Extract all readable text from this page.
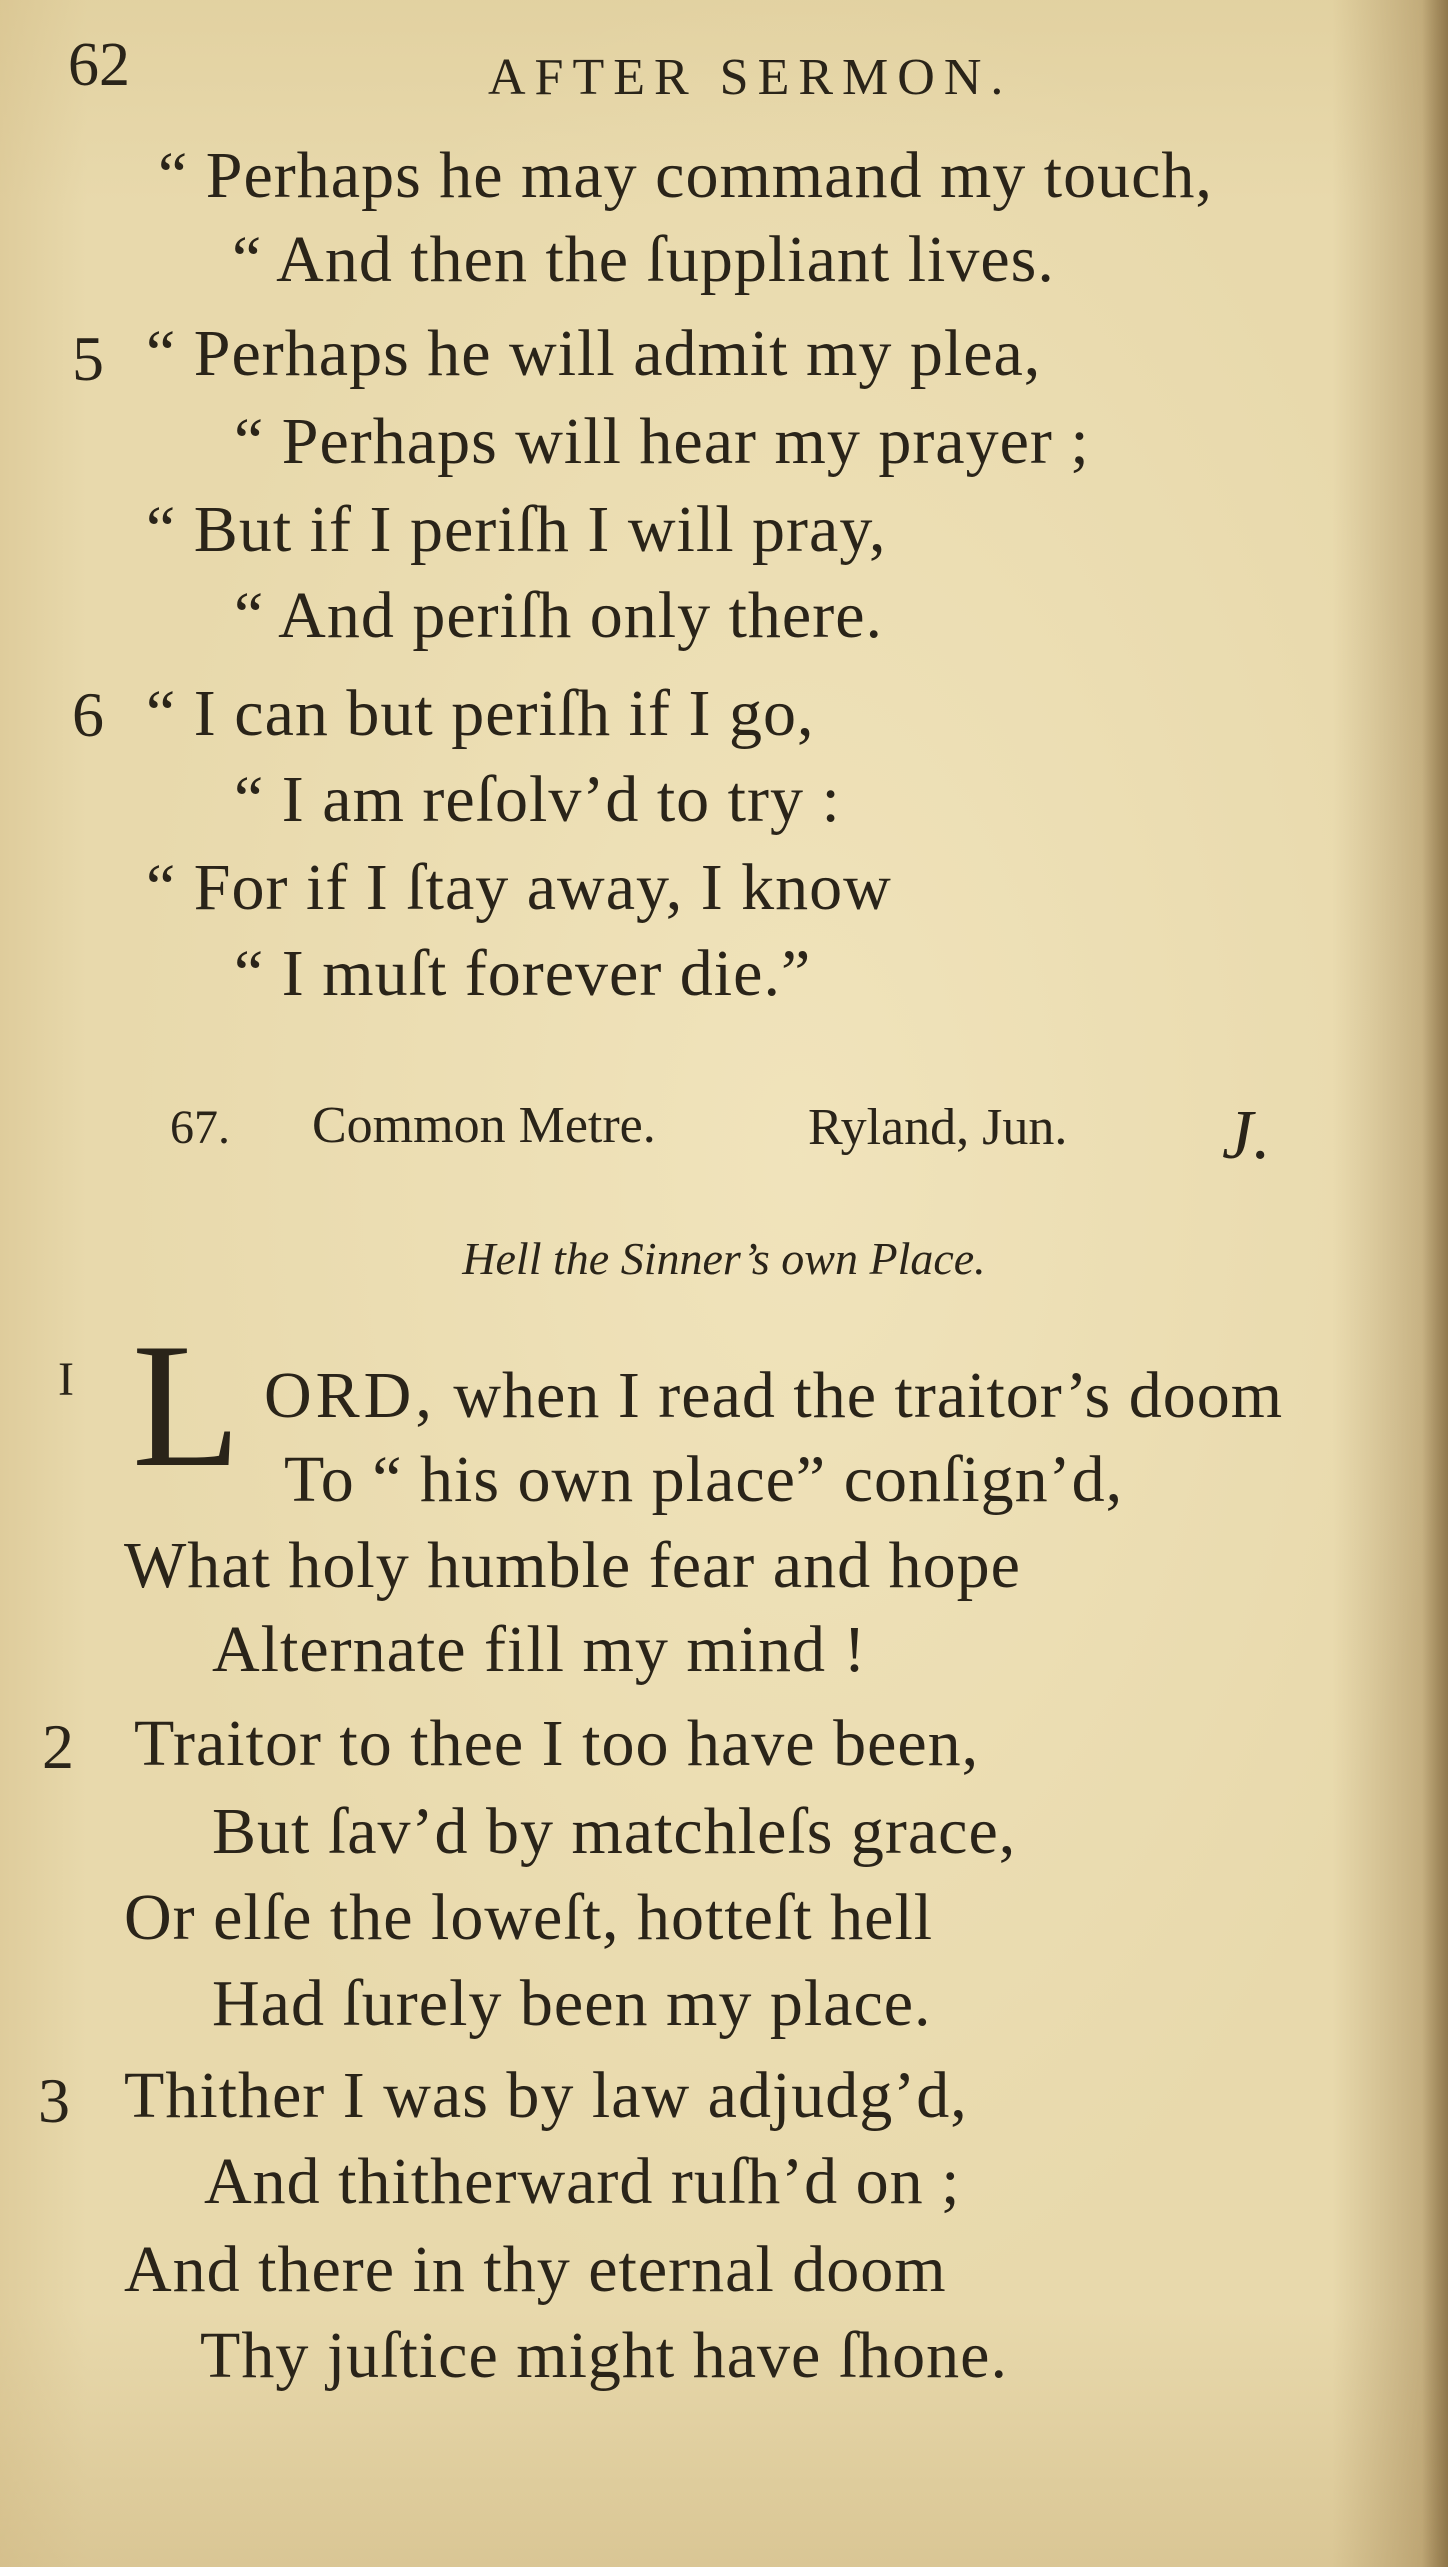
62	AFTER SERMON.
“ Perhaps he may command my touch,
“ And then the ſuppliant lives.
5 “ Perhaps he will admit my plea,
“ Perhaps will hear my prayer ;
“ But if I periſh I will pray,
“ And periſh only there.
6 “ I can but periſh if I go,
“ I am reſolv’d to try :
“ For if I ſtay away, I know
“ I muſt forever die.”
67. Common Metre.	Ryland, Jun. J.
Hell the Sinner’s own Place.
I L ORD, when I read the traitor’s doom
To “ his own place” conſign’d,
What holy humble fear and hope
Alternate fill my mind !
2 Traitor to thee I too have been,
But ſav’d by matchleſs grace,
Or elſe the loweſt, hotteſt hell
Had ſurely been my place.
3 Thither I was by law adjudg’d,
And thitherward ruſh’d on ;
And there in thy eternal doom
Thy juſtice might have ſhone.
